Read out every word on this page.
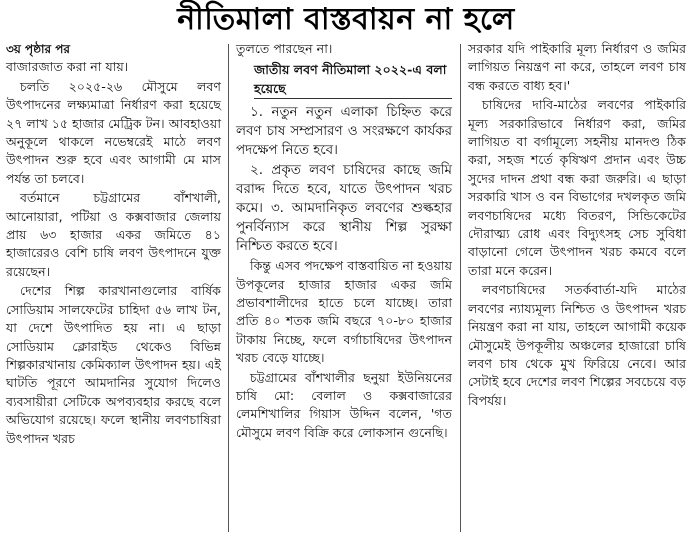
নীতিমালা বাস্তবায়ন না হলে

৩য় পৃষ্ঠার পর

বাজারজাত করা না যায়।

চলতি ২০২৫-২৬ মৌসুমে লবণ উৎপাদনের লক্ষ্যমাত্রা নির্ধারণ করা হয়েছে ২৭ লাখ ১৫ হাজার মেট্রিক টন। আবহাওয়া অনুকূলে থাকলে নভেম্বরেই মাঠে লবণ উৎপাদন শুরু হবে এবং আগামী মে মাস পর্যন্ত তা চলবে।

বর্তমানে চট্টগ্রামের বাঁশখালী, আনোয়ারা, পটিয়া ও কক্সবাজার জেলায় প্রায় ৬৩ হাজার একর জমিতে ৪১ হাজারেরও বেশি চাষি লবণ উৎপাদনে যুক্ত রয়েছেন।

দেশের শিল্প কারখানাগুলোর বার্ষিক সোডিয়াম সালফেটের চাহিদা ৫৬ লাখ টন, যা দেশে উৎপাদিত হয় না। এ ছাড়া সোডিয়াম ক্লোরাইড থেকেও বিভিন্ন শিল্পকারখানায় কেমিক্যাল উৎপাদন হয়। এই ঘাটতি পূরণে আমদানির সুযোগ দিলেও ব্যবসায়ীরা সেটিকে অপব্যবহার করছে বলে অভিযোগ রয়েছে। ফলে স্থানীয় লবণচাষিরা উৎপাদন খরচ

তুলতে পারছেন না।

জাতীয় লবণ নীতিমালা ২০২২-এ বলা হয়েছে

১. নতুন নতুন এলাকা চিহ্নিত করে লবণ চাষ সম্প্রসারণ ও সংরক্ষণে কার্যকর পদক্ষেপ নিতে হবে।

২. প্রকৃত লবণ চাষিদের কাছে জমি বরাদ্দ দিতে হবে, যাতে উৎপাদন খরচ কমে। ৩. আমদানিকৃত লবণের শুল্কহার পুনর্বিন্যাস করে স্থানীয় শিল্প সুরক্ষা নিশ্চিত করতে হবে।

কিন্তু এসব পদক্ষেপ বাস্তবায়িত না হওয়ায় উপকূলের হাজার হাজার একর জমি প্রভাবশালীদের হাতে চলে যাচ্ছে। তারা প্রতি ৪০ শতক জমি বছরে ৭০-৮০ হাজার টাকায় নিচ্ছে, ফলে বর্গাচাষিদের উৎপাদন খরচ বেড়ে যাচ্ছে।

চট্টগ্রামের বাঁশখালীর ছনুয়া ইউনিয়নের চাষি মো: বেলাল ও কক্সবাজারের লেমশিখালির গিয়াস উদ্দিন বলেন, 'গত মৌসুমে লবণ বিক্রি করে লোকসান গুনেছি।

সরকার যদি পাইকারি মূল্য নির্ধারণ ও জমির লাগিয়ত নিয়ন্ত্রণ না করে, তাহলে লবণ চাষ বন্ধ করতে বাধ্য হব।'

চাষিদের দাবি-মাঠের লবণের পাইকারি মূল্য সরকারিভাবে নির্ধারণ করা, জমির লাগিয়ত বা বর্গামূল্যে সহনীয় মানদণ্ড ঠিক করা, সহজ শর্তে কৃষিঋণ প্রদান এবং উচ্চ সুদের দাদন প্রথা বন্ধ করা জরুরি। এ ছাড়া সরকারি খাস ও বন বিভাগের দখলকৃত জমি লবণচাষিদের মধ্যে বিতরণ, সিন্ডিকেটের দৌরাত্ম্য রোধ এবং বিদ্যুৎসহ সেচ সুবিধা বাড়ানো গেলে উৎপাদন খরচ কমবে বলে তারা মনে করেন।

লবণচাষিদের সতর্কবার্তা-যদি মাঠের লবণের ন্যায্যমূল্য নিশ্চিত ও উৎপাদন খরচ নিয়ন্ত্রণ করা না যায়, তাহলে আগামী কয়েক মৌসুমেই উপকূলীয় অঞ্চলের হাজারো চাষি লবণ চাষ থেকে মুখ ফিরিয়ে নেবে। আর সেটাই হবে দেশের লবণ শিল্পের সবচেয়ে বড় বিপর্যয়।
